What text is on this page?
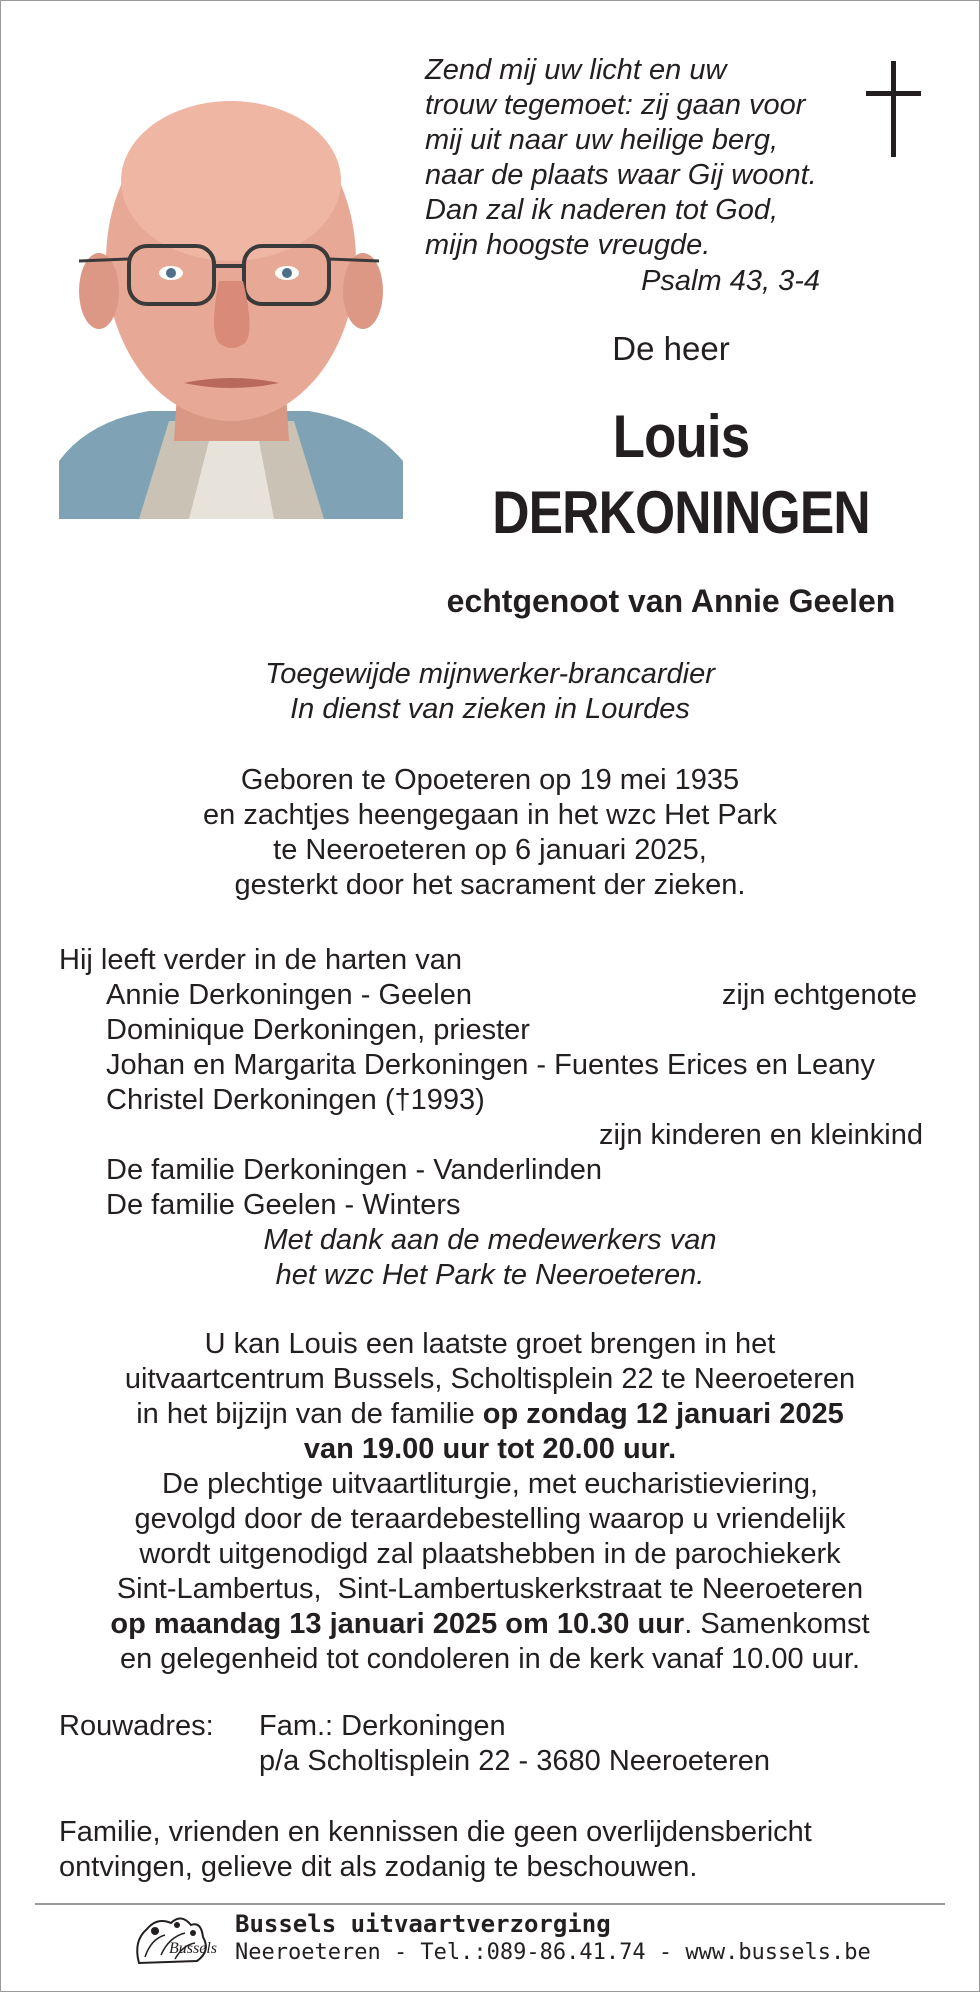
Zend mij uw licht en uw
trouw tegemoet: zij gaan voor
mij uit naar uw heilige berg,
naar de plaats waar Gij woont.
Dan zal ik naderen tot God,
mijn hoogste vreugde.
Psalm 43, 3-4
De heer
Louis
DERKONINGEN
echtgenoot van Annie Geelen
Toegewijde mijnwerker-brancardier
In dienst van zieken in Lourdes
Geboren te Opoeteren op 19 mei 1935
en zachtjes heengegaan in het wzc Het Park
te Neeroeteren op 6 januari 2025,
gesterkt door het sacrament der zieken.
Hij leeft verder in de harten van
Annie Derkoningen - Geelen	zijn echtgenote
Dominique Derkoningen, priester
Johan en Margarita Derkoningen - Fuentes Erices en Leany
Christel Derkoningen (†1993)
zijn kinderen en kleinkind
De familie Derkoningen - Vanderlinden
De familie Geelen - Winters
Met dank aan de medewerkers van
het wzc Het Park te Neeroeteren.
U kan Louis een laatste groet brengen in het
uitvaartcentrum Bussels, Scholtisplein 22 te Neeroeteren
in het bijzijn van de familie op zondag 12 januari 2025
van 19.00 uur tot 20.00 uur.
De plechtige uitvaartliturgie, met eucharistieviering,
gevolgd door de teraardebestelling waarop u vriendelijk
wordt uitgenodigd zal plaatshebben in de parochiekerk
Sint-Lambertus,  Sint-Lambertuskerkstraat te Neeroeteren
op maandag 13 januari 2025 om 10.30 uur. Samenkomst
en gelegenheid tot condoleren in de kerk vanaf 10.00 uur.
Rouwadres: Fam.: Derkoningen
p/a Scholtisplein 22 - 3680 Neeroeteren
Familie, vrienden en kennissen die geen overlijdensbericht
ontvingen, gelieve dit als zodanig te beschouwen.
Bussels
Bussels uitvaartverzorging
Neeroeteren - Tel.:089-86.41.74 - www.bussels.be
